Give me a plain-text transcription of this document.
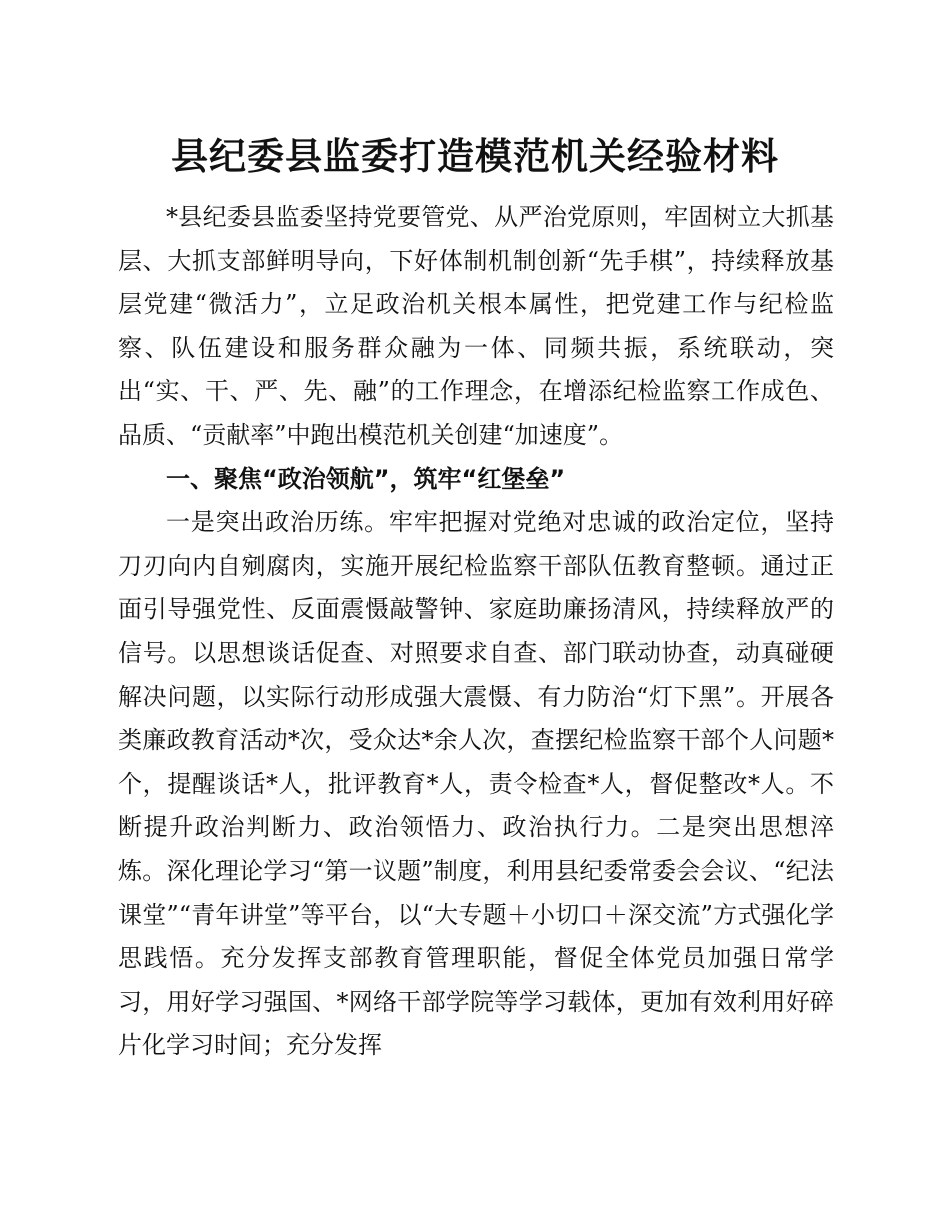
县纪委县监委打造模范机关经验材料

*县纪委县监委坚持党要管党、从严治党原则，牢固树立大抓基层、大抓支部鲜明导向，下好体制机制创新“先手棋”，持续释放基层党建“微活力”，立足政治机关根本属性，把党建工作与纪检监察、队伍建设和服务群众融为一体、同频共振，系统联动，突出“实、干、严、先、融”的工作理念，在增添纪检监察工作成色、品质、“贡献率”中跑出模范机关创建“加速度”。

一、聚焦“政治领航”，筑牢“红堡垒”

一是突出政治历练。牢牢把握对党绝对忠诚的政治定位，坚持刀刃向内自剜腐肉，实施开展纪检监察干部队伍教育整顿。通过正面引导强党性、反面震慑敲警钟、家庭助廉扬清风，持续释放严的信号。以思想谈话促查、对照要求自查、部门联动协查，动真碰硬解决问题，以实际行动形成强大震慑、有力防治“灯下黑”。开展各类廉政教育活动*次，受众达*余人次，查摆纪检监察干部个人问题*个，提醒谈话*人，批评教育*人，责令检查*人，督促整改*人。不断提升政治判断力、政治领悟力、政治执行力。二是突出思想淬炼。深化理论学习“第一议题”制度，利用县纪委常委会会议、“纪法课堂”“青年讲堂”等平台，以“大专题＋小切口＋深交流”方式强化学思践悟。充分发挥支部教育管理职能，督促全体党员加强日常学习，用好学习强国、*网络干部学院等学习载体，更加有效利用好碎片化学习时间；充分发挥
